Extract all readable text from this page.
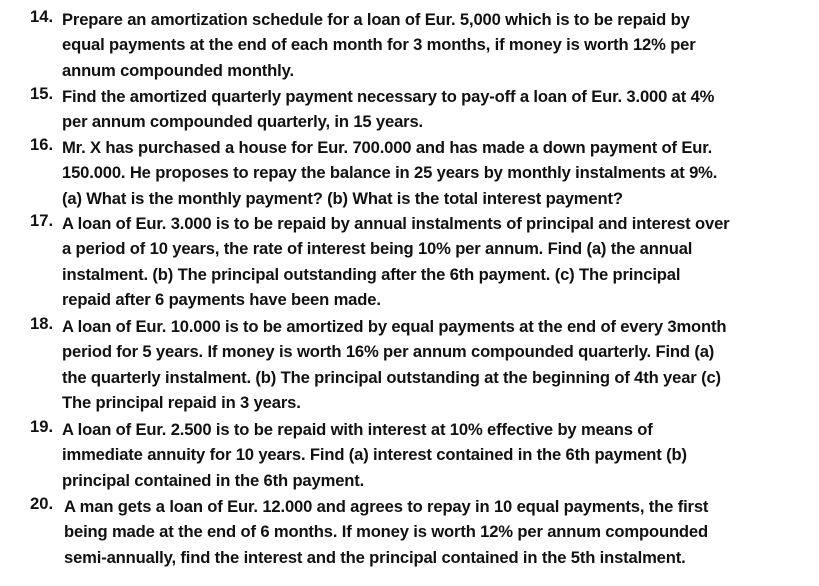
14. Prepare an amortization schedule for a loan of Eur. 5,000 which is to be repaid by
equal payments at the end of each month for 3 months, if money is worth 12% per
annum compounded monthly.
15. Find the amortized quarterly payment necessary to pay-off a loan of Eur. 3.000 at 4%
per annum compounded quarterly, in 15 years.
16. Mr. X has purchased a house for Eur. 700.000 and has made a down payment of Eur.
150.000. He proposes to repay the balance in 25 years by monthly instalments at 9%.
(a) What is the monthly payment? (b) What is the total interest payment?
17. A loan of Eur. 3.000 is to be repaid by annual instalments of principal and interest over
a period of 10 years, the rate of interest being 10% per annum. Find (a) the annual
instalment. (b) The principal outstanding after the 6th payment. (c) The principal
repaid after 6 payments have been made.
18. A loan of Eur. 10.000 is to be amortized by equal payments at the end of every 3month
period for 5 years. If money is worth 16% per annum compounded quarterly. Find (a)
the quarterly instalment. (b) The principal outstanding at the beginning of 4th year (c)
The principal repaid in 3 years.
19. A loan of Eur. 2.500 is to be repaid with interest at 10% effective by means of
immediate annuity for 10 years. Find (a) interest contained in the 6th payment (b)
principal contained in the 6th payment.
20. A man gets a loan of Eur. 12.000 and agrees to repay in 10 equal payments, the first
being made at the end of 6 months. If money is worth 12% per annum compounded
semi-annually, find the interest and the principal contained in the 5th instalment.
